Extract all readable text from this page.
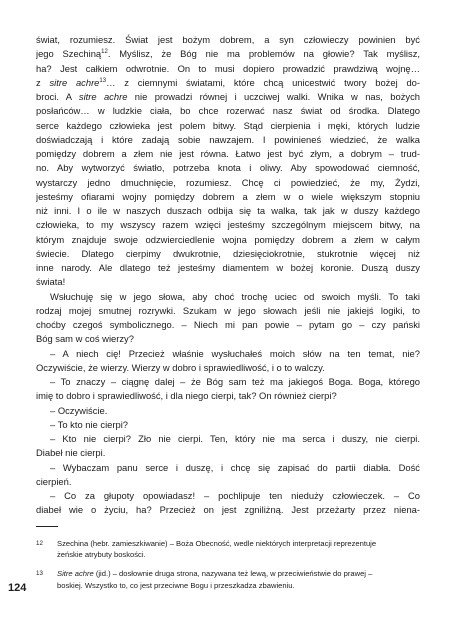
świat, rozumiesz. Świat jest bożym dobrem, a syn człowieczy powinien być
jego Szechiną$^{12}$. Myślisz, że Bóg nie ma problemów na głowie? Tak myślisz,
ha? Jest całkiem odwrotnie. On to musi dopiero prowadzić prawdziwą wojnę…
z sitre achre$^{13}$… z ciemnymi światami, które chcą unicestwić twory bożej do-
broci. A sitre achre nie prowadzi równej i uczciwej walki. Wnika w nas, bożych
posłańców… w ludzkie ciała, bo chce rozerwać nasz świat od środka. Dlatego
serce każdego człowieka jest polem bitwy. Stąd cierpienia i męki, których ludzie
doświadczają i które zadają sobie nawzajem. I powinieneś wiedzieć, że walka
pomiędzy dobrem a złem nie jest równa. Łatwo jest być złym, a dobrym – trud-
no. Aby wytworzyć światło, potrzeba knota i oliwy. Aby spowodować ciemność,
wystarczy jedno dmuchnięcie, rozumiesz. Chcę ci powiedzieć, że my, Żydzi,
jesteśmy ofiarami wojny pomiędzy dobrem a złem w o wiele większym stopniu
niż inni. I o ile w naszych duszach odbija się ta walka, tak jak w duszy każdego
człowieka, to my wszyscy razem wzięci jesteśmy szczególnym miejscem bitwy, na
którym znajduje swoje odzwierciedlenie wojna pomiędzy dobrem a złem w całym
świecie. Dlatego cierpimy dwukrotnie, dziesięciokrotnie, stukrotnie więcej niż
inne narody. Ale dlatego też jesteśmy diamentem w bożej koronie. Duszą duszy
świata!
Wsłuchuję się w jego słowa, aby choć trochę uciec od swoich myśli. To taki
rodzaj mojej smutnej rozrywki. Szukam w jego słowach jeśli nie jakiejś logiki, to
choćby czegoś symbolicznego. – Niech mi pan powie – pytam go – czy pański
Bóg sam w coś wierzy?
– A niech cię! Przecież właśnie wysłuchałeś moich słów na ten temat, nie?
Oczywiście, że wierzy. Wierzy w dobro i sprawiedliwość, i o to walczy.
– To znaczy – ciągnę dalej – że Bóg sam też ma jakiegoś Boga. Boga, którego
imię to dobro i sprawiedliwość, i dla niego cierpi, tak? On również cierpi?
– Oczywiście.
– To kto nie cierpi?
– Kto nie cierpi? Zło nie cierpi. Ten, który nie ma serca i duszy, nie cierpi.
Diabeł nie cierpi.
– Wybaczam panu serce i duszę, i chcę się zapisać do partii diabła. Dość
cierpień.
– Co za głupoty opowiadasz! – pochlipuje ten nieduży człowieczek. – Co
diabeł wie o życiu, ha? Przecież on jest zgniliżną. Jest przeżarty przez niena-
12 Szechina (hebr. zamieszkiwanie) – Boża Obecność, wedle niektórych interpretacji reprezentuje
żeńskie atrybuty boskości.
13 Sitre achre (jid.) – dosłownie druga strona, nazywana też lewą, w przeciwieństwie do prawej –
boskiej. Wszystko to, co jest przeciwne Bogu i przeszkadza zbawieniu.
124
